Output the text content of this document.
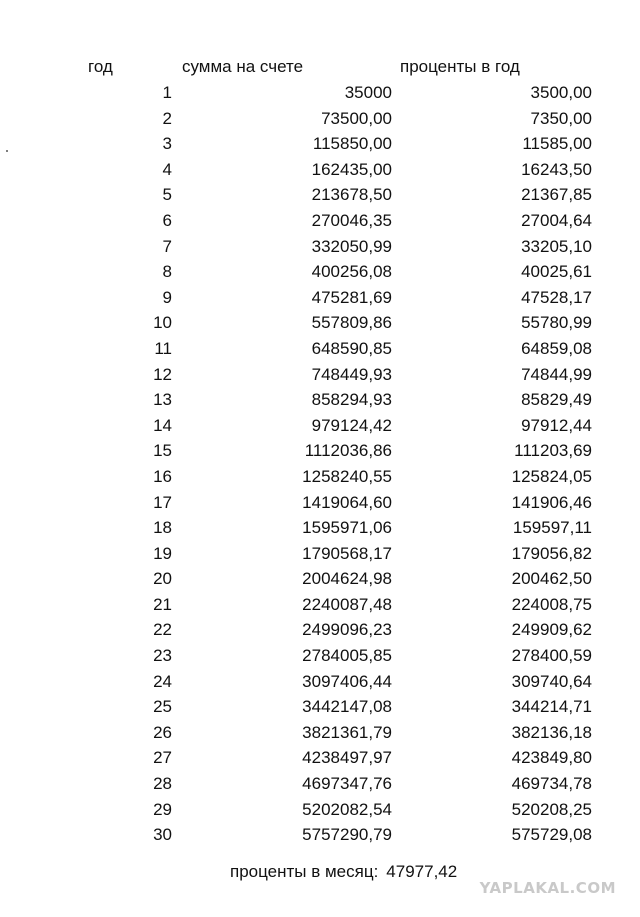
год	сумма на счете	проценты в год
1	35000	3500,00
2	73500,00	7350,00
3	115850,00	11585,00
4	162435,00	16243,50
5	213678,50	21367,85
6	270046,35	27004,64
7	332050,99	33205,10
8	400256,08	40025,61
9	475281,69	47528,17
10	557809,86	55780,99
11	648590,85	64859,08
12	748449,93	74844,99
13	858294,93	85829,49
14	979124,42	97912,44
15	1112036,86	111203,69
16	1258240,55	125824,05
17	1419064,60	141906,46
18	1595971,06	159597,11
19	1790568,17	179056,82
20	2004624,98	200462,50
21	2240087,48	224008,75
22	2499096,23	249909,62
23	2784005,85	278400,59
24	3097406,44	309740,64
25	3442147,08	344214,71
26	3821361,79	382136,18
27	4238497,97	423849,80
28	4697347,76	469734,78
29	5202082,54	520208,25
30	5757290,79	575729,08
проценты в месяц: 47977,42
YAPLAKAL.COM
